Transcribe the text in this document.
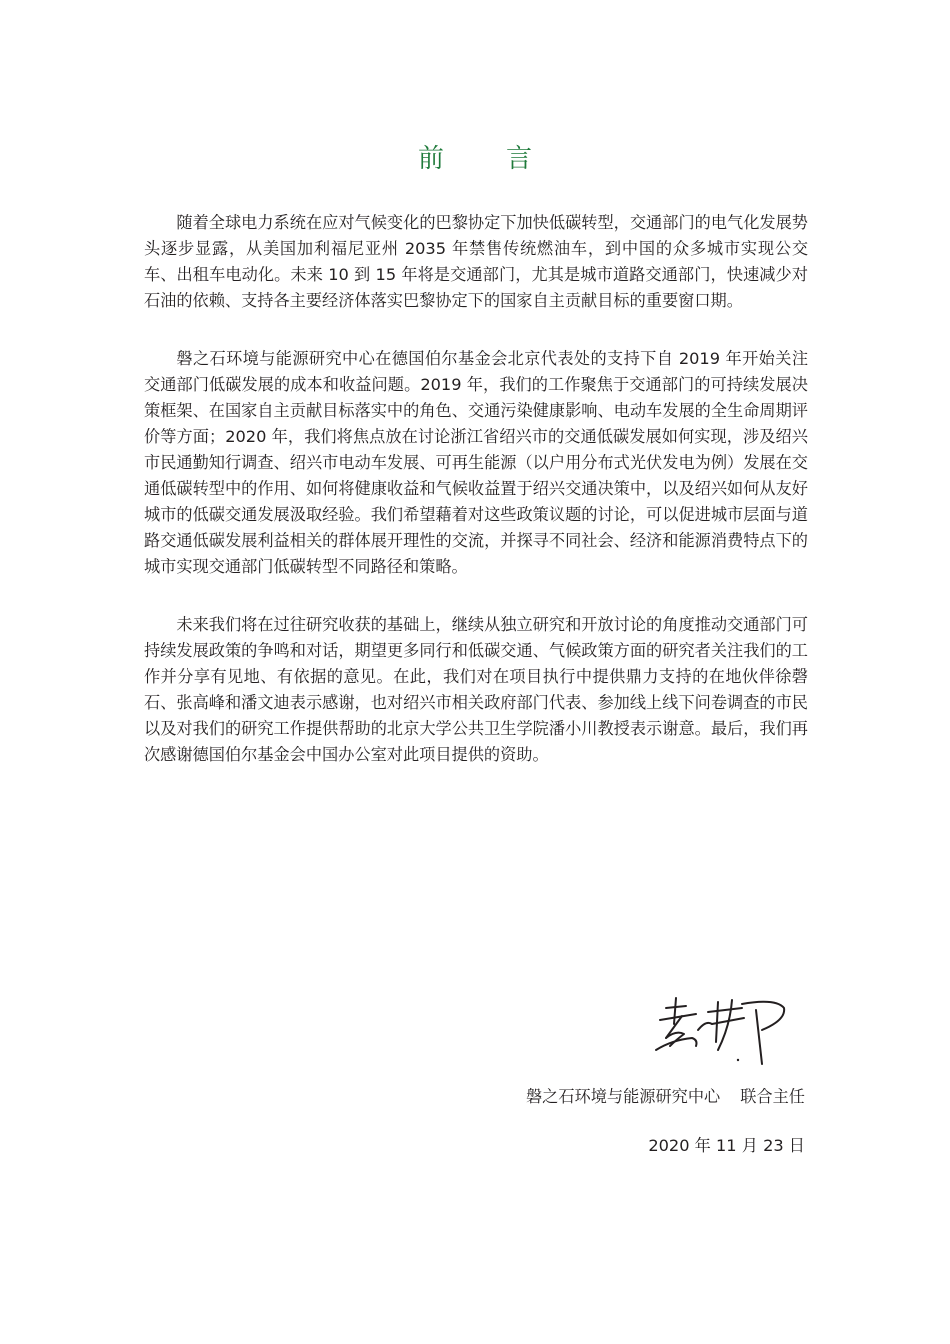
前　言

随着全球电力系统在应对气候变化的巴黎协定下加快低碳转型，交通部门的电气化发展势头逐步显露，从美国加利福尼亚州 2035 年禁售传统燃油车，到中国的众多城市实现公交车、出租车电动化。未来 10 到 15 年将是交通部门，尤其是城市道路交通部门，快速减少对石油的依赖、支持各主要经济体落实巴黎协定下的国家自主贡献目标的重要窗口期。

磐之石环境与能源研究中心在德国伯尔基金会北京代表处的支持下自 2019 年开始关注交通部门低碳发展的成本和收益问题。2019 年，我们的工作聚焦于交通部门的可持续发展决策框架、在国家自主贡献目标落实中的角色、交通污染健康影响、电动车发展的全生命周期评价等方面；2020 年，我们将焦点放在讨论浙江省绍兴市的交通低碳发展如何实现，涉及绍兴市民通勤知行调查、绍兴市电动车发展、可再生能源（以户用分布式光伏发电为例）发展在交通低碳转型中的作用、如何将健康收益和气候收益置于绍兴交通决策中，以及绍兴如何从友好城市的低碳交通发展汲取经验。我们希望藉着对这些政策议题的讨论，可以促进城市层面与道路交通低碳发展利益相关的群体展开理性的交流，并探寻不同社会、经济和能源消费特点下的城市实现交通部门低碳转型不同路径和策略。

未来我们将在过往研究收获的基础上，继续从独立研究和开放讨论的角度推动交通部门可持续发展政策的争鸣和对话，期望更多同行和低碳交通、气候政策方面的研究者关注我们的工作并分享有见地、有依据的意见。在此，我们对在项目执行中提供鼎力支持的在地伙伴徐磬石、张高峰和潘文迪表示感谢，也对绍兴市相关政府部门代表、参加线上线下问卷调查的市民以及对我们的研究工作提供帮助的北京大学公共卫生学院潘小川教授表示谢意。最后，我们再次感谢德国伯尔基金会中国办公室对此项目提供的资助。

磐之石环境与能源研究中心 联合主任
2020 年 11 月 23 日
